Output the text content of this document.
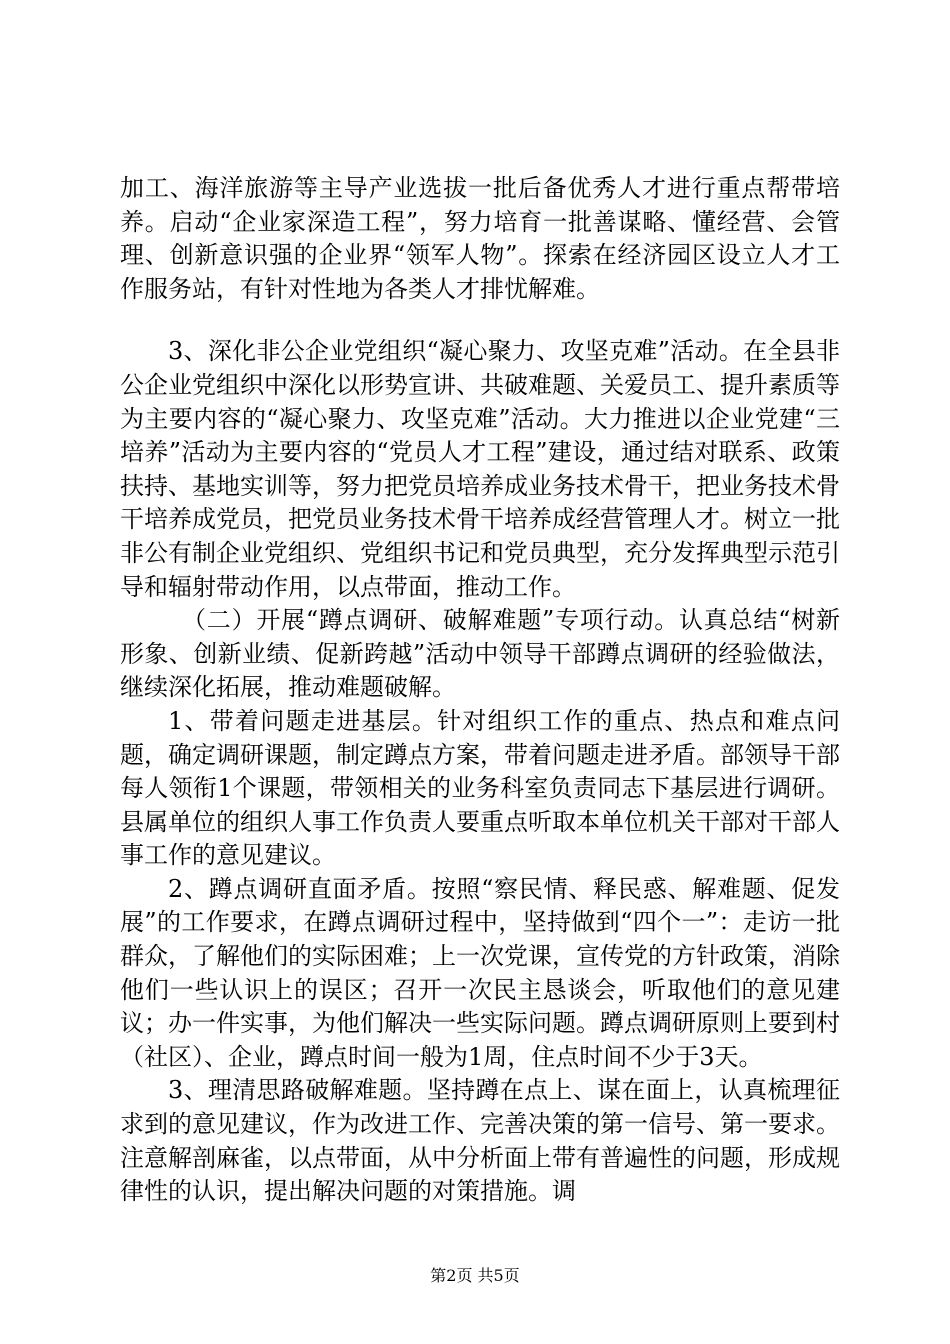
加工、海洋旅游等主导产业选拔一批后备优秀人才进行重点帮带培养。启动“企业家深造工程”，努力培育一批善谋略、懂经营、会管理、创新意识强的企业界“领军人物”。探索在经济园区设立人才工作服务站，有针对性地为各类人才排忧解难。

3、深化非公企业党组织“凝心聚力、攻坚克难”活动。在全县非公企业党组织中深化以形势宣讲、共破难题、关爱员工、提升素质等为主要内容的“凝心聚力、攻坚克难”活动。大力推进以企业党建“三培养”活动为主要内容的“党员人才工程”建设，通过结对联系、政策扶持、基地实训等，努力把党员培养成业务技术骨干，把业务技术骨干培养成党员，把党员业务技术骨干培养成经营管理人才。树立一批非公有制企业党组织、党组织书记和党员典型，充分发挥典型示范引导和辐射带动作用，以点带面，推动工作。

（二）开展“蹲点调研、破解难题”专项行动。认真总结“树新形象、创新业绩、促新跨越”活动中领导干部蹲点调研的经验做法，继续深化拓展，推动难题破解。

1、带着问题走进基层。针对组织工作的重点、热点和难点问题，确定调研课题，制定蹲点方案，带着问题走进矛盾。部领导干部每人领衔1个课题，带领相关的业务科室负责同志下基层进行调研。县属单位的组织人事工作负责人要重点听取本单位机关干部对干部人事工作的意见建议。

2、蹲点调研直面矛盾。按照“察民情、释民惑、解难题、促发展”的工作要求，在蹲点调研过程中，坚持做到“四个一”：走访一批群众，了解他们的实际困难；上一次党课，宣传党的方针政策，消除他们一些认识上的误区；召开一次民主恳谈会，听取他们的意见建议；办一件实事，为他们解决一些实际问题。蹲点调研原则上要到村（社区）、企业，蹲点时间一般为1周，住点时间不少于3天。

3、理清思路破解难题。坚持蹲在点上、谋在面上，认真梳理征求到的意见建议，作为改进工作、完善决策的第一信号、第一要求。注意解剖麻雀，以点带面，从中分析面上带有普遍性的问题，形成规律性的认识，提出解决问题的对策措施。调

第2页 共5页
